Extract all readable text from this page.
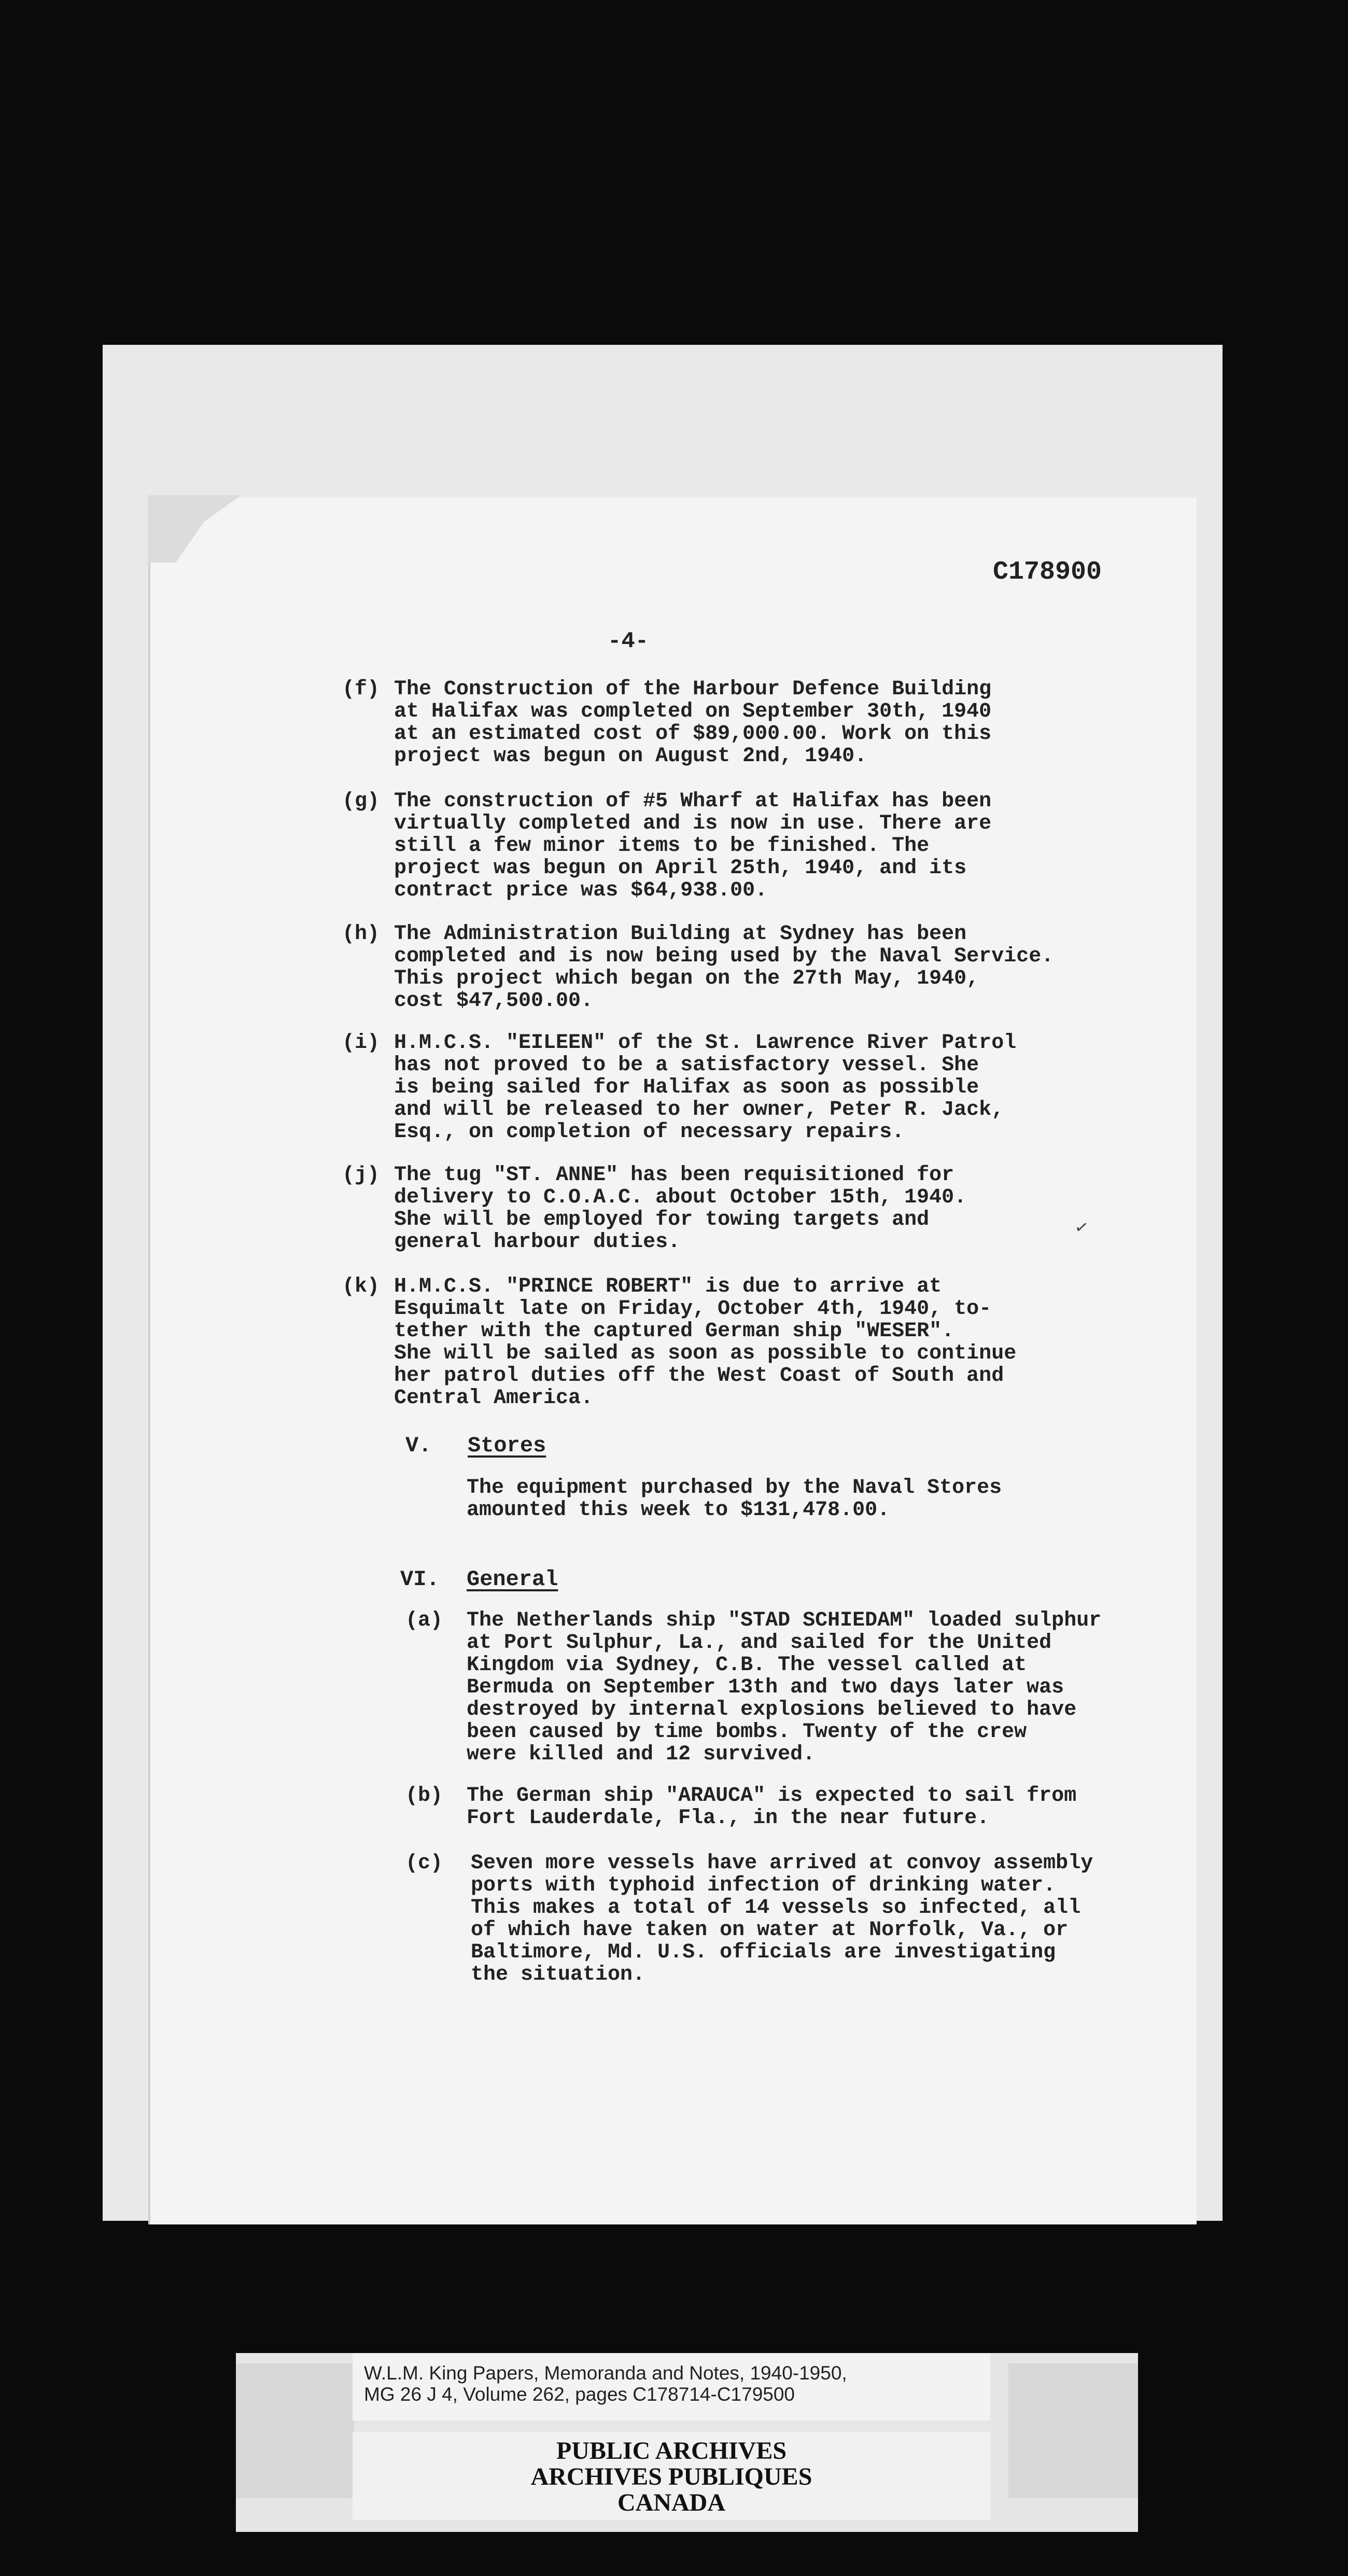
C178900
-4-
(f) The Construction of the Harbour Defence Building
at Halifax was completed on September 30th, 1940
at an estimated cost of $89,000.00. Work on this
project was begun on August 2nd, 1940.
(g) The construction of #5 Wharf at Halifax has been
virtually completed and is now in use. There are
still a few minor items to be finished. The
project was begun on April 25th, 1940, and its
contract price was $64,938.00.
(h) The Administration Building at Sydney has been
completed and is now being used by the Naval Service.
This project which began on the 27th May, 1940,
cost $47,500.00.
(i) H.M.C.S. "EILEEN" of the St. Lawrence River Patrol
has not proved to be a satisfactory vessel. She
is being sailed for Halifax as soon as possible
and will be released to her owner, Peter R. Jack,
Esq., on completion of necessary repairs.
(j) The tug "ST. ANNE" has been requisitioned for
delivery to C.O.A.C. about October 15th, 1940.
She will be employed for towing targets and
general harbour duties.
✓
(k) H.M.C.S. "PRINCE ROBERT" is due to arrive at
Esquimalt late on Friday, October 4th, 1940, to-
tether with the captured German ship "WESER".
She will be sailed as soon as possible to continue
her patrol duties off the West Coast of South and
Central America.
V. Stores
The equipment purchased by the Naval Stores
amounted this week to $131,478.00.
VI. General
(a) The Netherlands ship "STAD SCHIEDAM" loaded sulphur
at Port Sulphur, La., and sailed for the United
Kingdom via Sydney, C.B. The vessel called at
Bermuda on September 13th and two days later was
destroyed by internal explosions believed to have
been caused by time bombs. Twenty of the crew
were killed and 12 survived.
(b) The German ship "ARAUCA" is expected to sail from
Fort Lauderdale, Fla., in the near future.
(c) Seven more vessels have arrived at convoy assembly
ports with typhoid infection of drinking water.
This makes a total of 14 vessels so infected, all
of which have taken on water at Norfolk, Va., or
Baltimore, Md. U.S. officials are investigating
the situation.
W.L.M. King Papers, Memoranda and Notes, 1940-1950,
MG 26 J 4, Volume 262, pages C178714-C179500
PUBLIC ARCHIVES
ARCHIVES PUBLIQUES
CANADA
